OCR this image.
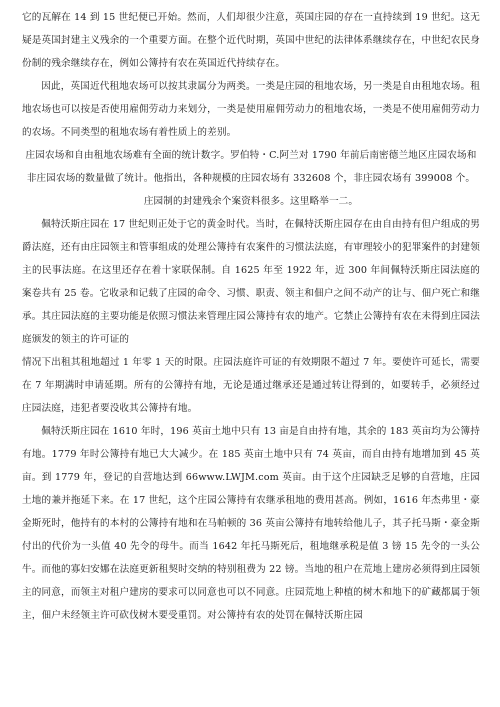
它的瓦解在 14 到 15 世纪便已开始。然而，人们却很少注意，英国庄园的存在一直持续到 19 世纪。这无疑是英国封建主义残余的一个重要方面。在整个近代时期，英国中世纪的法律体系继续存在，中世纪农民身份制的残余继续存在，例如公簿持有农在英国近代持续存在。

因此，英国近代租地农场可以按其隶属分为两类。一类是庄园的租地农场，另一类是自由租地农场。租地农场也可以按是否使用雇佣劳动力来划分，一类是使用雇佣劳动力的租地农场，一类是不使用雇佣劳动力的农场。不同类型的租地农场有着性质上的差别。

庄园农场和自由租地农场难有全面的统计数字。罗伯特・C.阿兰对 1790 年前后南密德兰地区庄园农场和非庄园农场的数量做了统计。他指出，各种规模的庄园农场有 332608 个，非庄园农场有 399008 个。

庄园制的封建残余个案资料很多。这里略举一二。

佩特沃斯庄园在 17 世纪则正处于它的黄金时代。当时，在佩特沃斯庄园存在由自由持有但户组成的男爵法庭，还有由庄园领主和管事组成的处理公簿持有农案件的习惯法法庭，有审理较小的犯罪案件的封建领主的民事法庭。在这里还存在着十家联保制。自 1625 年至 1922 年，近 300 年间佩特沃斯庄园法庭的案卷共有 25 卷。它收录和记载了庄园的命令、习惯、职责、领主和佃户之间不动产的让与、佃户死亡和继承。其庄园法庭的主要功能是依照习惯法来管理庄园公簿持有农的地产。它禁止公簿持有农在未得到庄园法庭颁发的领主的许可证的

情况下出租其租地超过 1 年零 1 天的时限。庄园法庭许可证的有效期限不超过 7 年。要使许可延长，需要在 7 年期满时申请延期。所有的公簿持有地，无论是通过继承还是通过转让得到的，如要转手，必须经过庄园法庭，违犯者要没收其公簿持有地。

佩特沃斯庄园在 1610 年时，196 英亩土地中只有 13 亩是自由持有地，其余的 183 英亩均为公簿持有地。1779 年时公簿持有地已大大减少。在 185 英亩土地中只有 74 英亩，而自由持有地增加到 45 英亩。到 1779 年，登记的自营地达到 66www.LWJM.com 英亩。由于这个庄园缺乏足够的自营地，庄园土地的兼并拖延下来。在 17 世纪，这个庄园公簿持有农继承租地的费用甚高。例如，1616 年杰弗里・豪金斯死时，他持有的本村的公簿持有地和在马帕顿的 36 英亩公簿持有地转给他儿子，其子托马斯・豪金斯付出的代价为一头值 40 先令的母牛。而当 1642 年托马斯死后，租地继承税是值 3 镑 15 先令的一头公牛。而他的寡妇安娜在法庭更新租契时交纳的特别租费为 22 镑。当地的租户在荒地上建房必须得到庄园领主的同意，而领主对租户建房的要求可以同意也可以不同意。庄园荒地上种植的树木和地下的矿藏都属于领主，佃户未经领主许可砍伐树木要受重罚。对公簿持有农的处罚在佩特沃斯庄园
